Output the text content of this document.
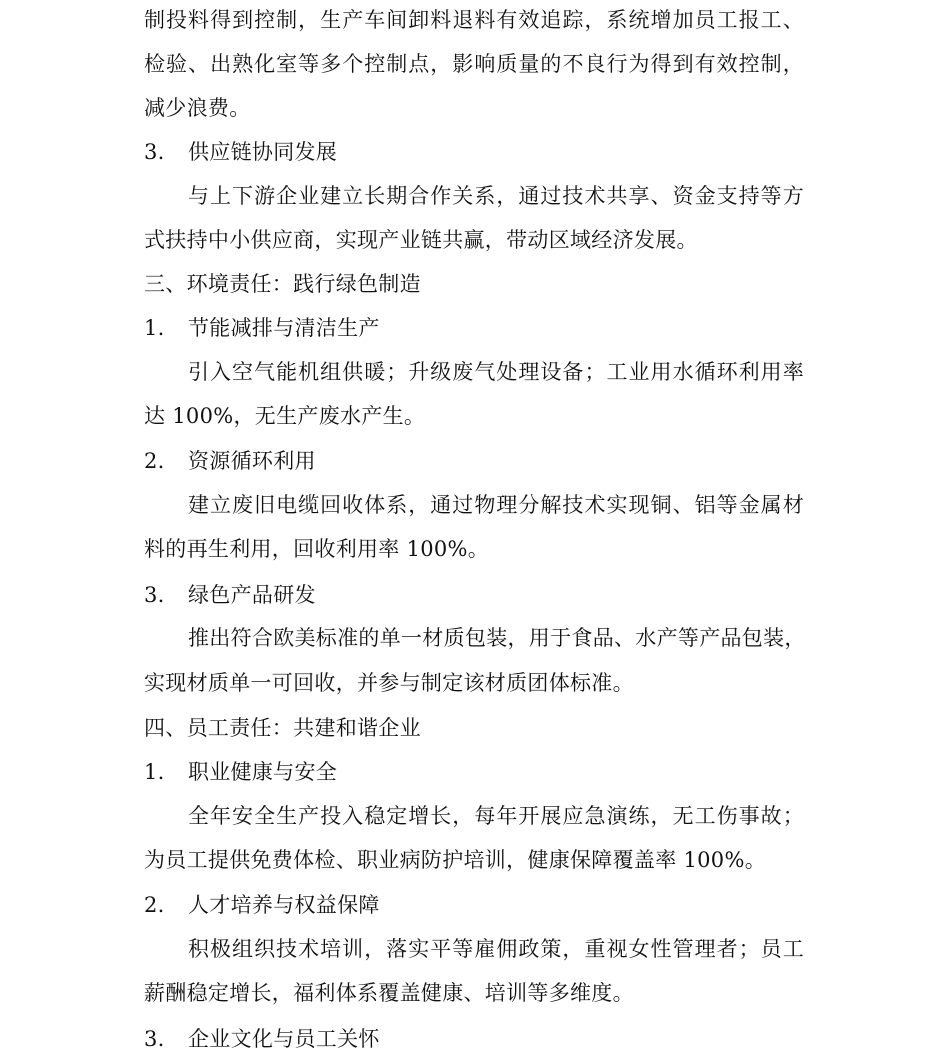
制投料得到控制，生产车间卸料退料有效追踪，系统增加员工报工、
检验、出熟化室等多个控制点，影响质量的不良行为得到有效控制，
减少浪费。
3. 供应链协同发展
与上下游企业建立长期合作关系，通过技术共享、资金支持等方
式扶持中小供应商，实现产业链共赢，带动区域经济发展。
三、环境责任：践行绿色制造
1. 节能减排与清洁生产
引入空气能机组供暖；升级废气处理设备；工业用水循环利用率
达 100%，无生产废水产生。
2. 资源循环利用
建立废旧电缆回收体系，通过物理分解技术实现铜、铝等金属材
料的再生利用，回收利用率 100%。
3. 绿色产品研发
推出符合欧美标准的单一材质包装，用于食品、水产等产品包装，
实现材质单一可回收，并参与制定该材质团体标准。
四、员工责任：共建和谐企业
1. 职业健康与安全
全年安全生产投入稳定增长，每年开展应急演练，无工伤事故；
为员工提供免费体检、职业病防护培训，健康保障覆盖率 100%。
2. 人才培养与权益保障
积极组织技术培训，落实平等雇佣政策，重视女性管理者；员工
薪酬稳定增长，福利体系覆盖健康、培训等多维度。
3. 企业文化与员工关怀
